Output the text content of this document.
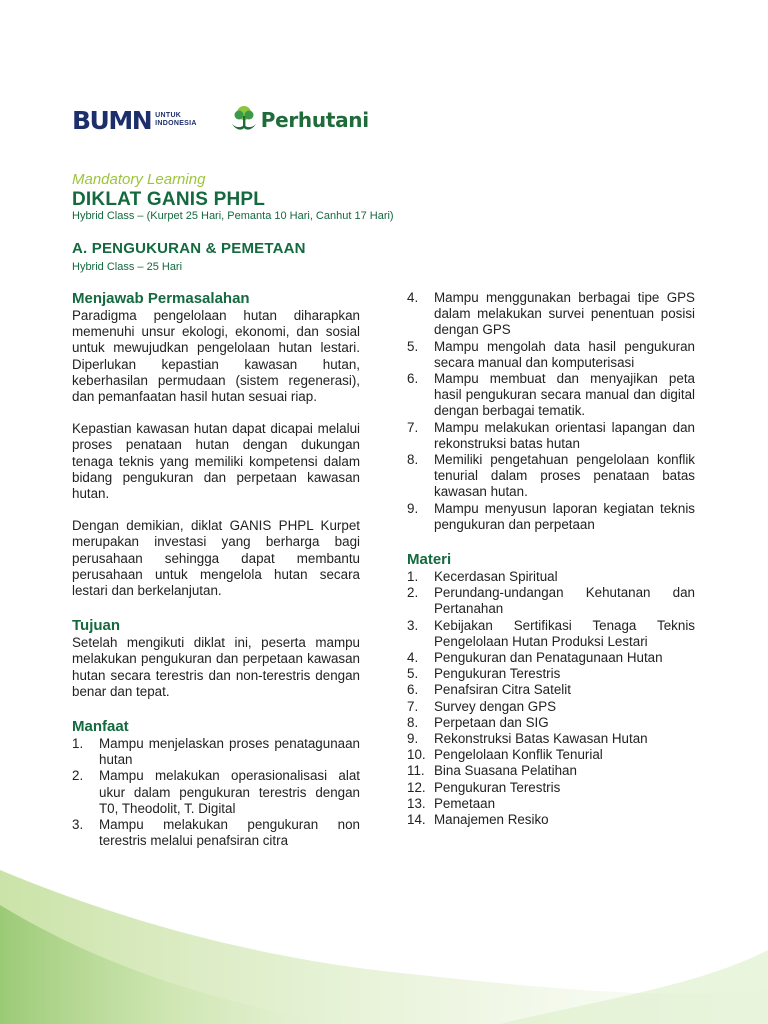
BUMN UNTUK
INDONESIA	Perhutani
Mandatory Learning
DIKLAT GANIS PHPL
Hybrid Class – (Kurpet 25 Hari, Pemanta 10 Hari, Canhut 17 Hari)
A. PENGUKURAN & PEMETAAN
Hybrid Class – 25 Hari
Menjawab Permasalahan
Paradigma pengelolaan hutan diharapkan memenuhi unsur ekologi, ekonomi, dan sosial untuk mewujudkan pengelolaan hutan lestari. Diperlukan kepastian kawasan hutan, keberhasilan permudaan (sistem regenerasi), dan pemanfaatan hasil hutan sesuai riap.
Kepastian kawasan hutan dapat dicapai melalui proses penataan hutan dengan dukungan tenaga teknis yang memiliki kompetensi dalam bidang pengukuran dan perpetaan kawasan hutan.
Dengan demikian, diklat GANIS PHPL Kurpet merupakan investasi yang berharga bagi perusahaan sehingga dapat membantu perusahaan untuk mengelola hutan secara lestari dan berkelanjutan.
Tujuan
Setelah mengikuti diklat ini, peserta mampu melakukan pengukuran dan perpetaan kawasan hutan secara terestris dan non-terestris dengan benar dan tepat.
Manfaat
1.	Mampu menjelaskan proses penatagunaan hutan
2.	Mampu melakukan operasionalisasi alat ukur dalam pengukuran terestris dengan T0, Theodolit, T. Digital
3.	Mampu melakukan pengukuran non terestris melalui penafsiran citra
4.	Mampu menggunakan berbagai tipe GPS dalam melakukan survei penentuan posisi dengan GPS
5.	Mampu mengolah data hasil pengukuran secara manual dan komputerisasi
6.	Mampu membuat dan menyajikan peta hasil pengukuran secara manual dan digital dengan berbagai tematik.
7.	Mampu melakukan orientasi lapangan dan rekonstruksi batas hutan
8.	Memiliki pengetahuan pengelolaan konflik tenurial dalam proses penataan batas kawasan hutan.
9.	Mampu menyusun laporan kegiatan teknis pengukuran dan perpetaan
Materi
1.	Kecerdasan Spiritual
2.	Perundang-undangan Kehutanan dan Pertanahan
3.	Kebijakan Sertifikasi Tenaga Teknis Pengelolaan Hutan Produksi Lestari
4.	Pengukuran dan Penatagunaan Hutan
5.	Pengukuran Terestris
6.	Penafsiran Citra Satelit
7.	Survey dengan GPS
8.	Perpetaan dan SIG
9.	Rekonstruksi Batas Kawasan Hutan
10. Pengelolaan Konflik Tenurial
11. Bina Suasana Pelatihan
12. Pengukuran Terestris
13. Pemetaan
14. Manajemen Resiko
